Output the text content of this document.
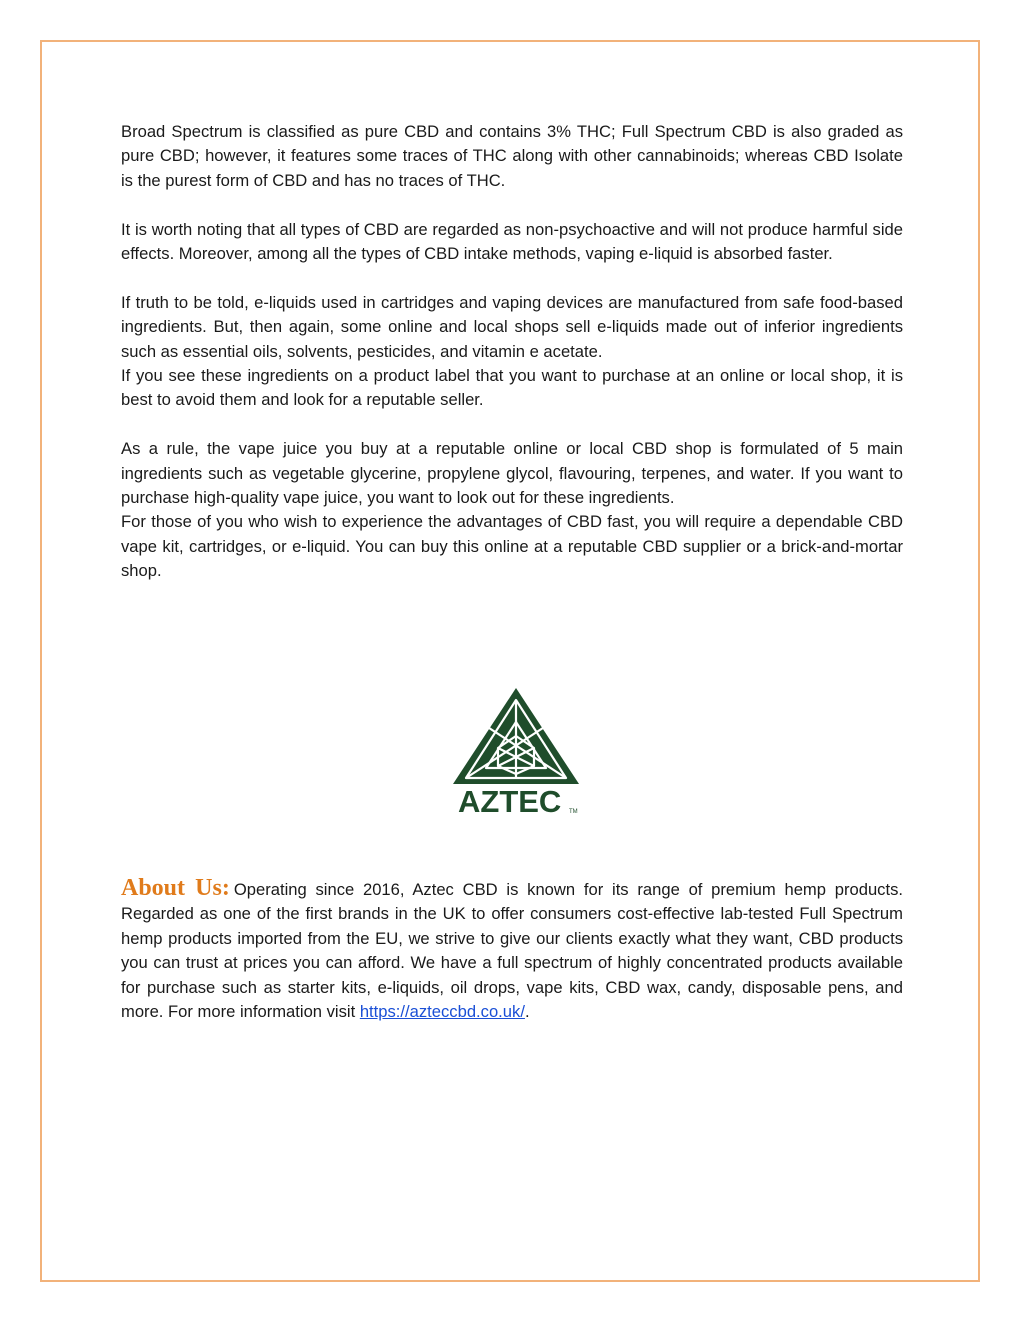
Broad Spectrum is classified as pure CBD and contains 3% THC; Full Spectrum CBD is also graded as pure CBD; however, it features some traces of THC along with other cannabinoids; whereas CBD Isolate is the purest form of CBD and has no traces of THC.

It is worth noting that all types of CBD are regarded as non-psychoactive and will not produce harmful side effects. Moreover, among all the types of CBD intake methods, vaping e-liquid is absorbed faster.

If truth to be told, e-liquids used in cartridges and vaping devices are manufactured from safe food-based ingredients. But, then again, some online and local shops sell e-liquids made out of inferior ingredients such as essential oils, solvents, pesticides, and vitamin e acetate.

If you see these ingredients on a product label that you want to purchase at an online or local shop, it is best to avoid them and look for a reputable seller.

As a rule, the vape juice you buy at a reputable online or local CBD shop is formulated of 5 main ingredients such as vegetable glycerine, propylene glycol, flavouring, terpenes, and water. If you want to purchase high-quality vape juice, you want to look out for these ingredients.

For those of you who wish to experience the advantages of CBD fast, you will require a dependable CBD vape kit, cartridges, or e-liquid. You can buy this online at a reputable CBD supplier or a brick-and-mortar shop.

AZTEC TM

About Us: Operating since 2016, Aztec CBD is known for its range of premium hemp products. Regarded as one of the first brands in the UK to offer consumers cost-effective lab-tested Full Spectrum hemp products imported from the EU, we strive to give our clients exactly what they want, CBD products you can trust at prices you can afford. We have a full spectrum of highly concentrated products available for purchase such as starter kits, e-liquids, oil drops, vape kits, CBD wax, candy, disposable pens, and more. For more information visit https://azteccbd.co.uk/.
